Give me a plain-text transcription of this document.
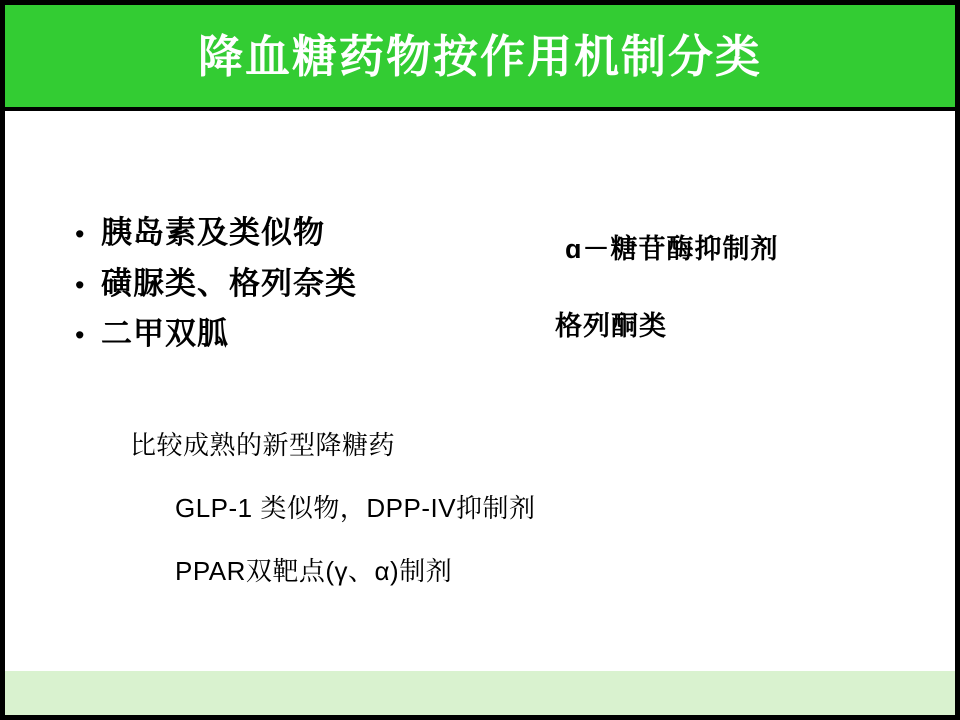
降血糖药物按作用机制分类
• 胰岛素及类似物
• 磺脲类、格列奈类
• 二甲双胍
ɑ－糖苷酶抑制剂
格列酮类
比较成熟的新型降糖药
GLP-1 类似物，DPP-IV抑制剂
PPAR双靶点(γ、α)制剂
